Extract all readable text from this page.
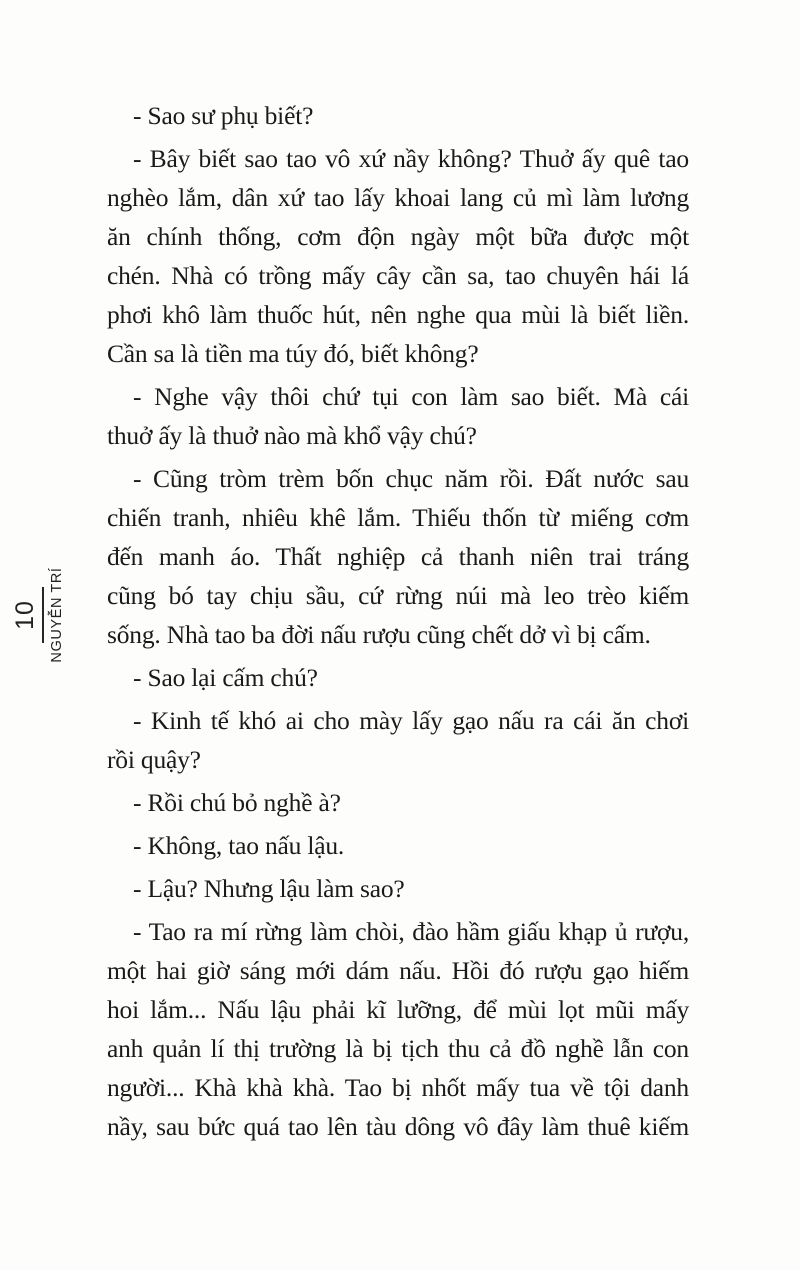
10 NGUYỄN TRÍ
- Sao sư phụ biết?
- Bây biết sao tao vô xứ nầy không? Thuở ấy quê tao
nghèo lắm, dân xứ tao lấy khoai lang củ mì làm lương
ăn chính thống, cơm độn ngày một bữa được một
chén. Nhà có trồng mấy cây cần sa, tao chuyên hái lá
phơi khô làm thuốc hút, nên nghe qua mùi là biết liền.
Cần sa là tiền ma túy đó, biết không?
- Nghe vậy thôi chứ tụi con làm sao biết. Mà cái
thuở ấy là thuở nào mà khổ vậy chú?
- Cũng tròm trèm bốn chục năm rồi. Đất nước sau
chiến tranh, nhiêu khê lắm. Thiếu thốn từ miếng cơm
đến manh áo. Thất nghiệp cả thanh niên trai tráng
cũng bó tay chịu sầu, cứ rừng núi mà leo trèo kiếm
sống. Nhà tao ba đời nấu rượu cũng chết dở vì bị cấm.
- Sao lại cấm chú?
- Kinh tế khó ai cho mày lấy gạo nấu ra cái ăn chơi
rồi quậy?
- Rồi chú bỏ nghề à?
- Không, tao nấu lậu.
- Lậu? Nhưng lậu làm sao?
- Tao ra mí rừng làm chòi, đào hầm giấu khạp ủ rượu,
một hai giờ sáng mới dám nấu. Hồi đó rượu gạo hiếm
hoi lắm... Nấu lậu phải kĩ lưỡng, để mùi lọt mũi mấy
anh quản lí thị trường là bị tịch thu cả đồ nghề lẫn con
người... Khà khà khà. Tao bị nhốt mấy tua về tội danh
nầy, sau bức quá tao lên tàu dông vô đây làm thuê kiếm
